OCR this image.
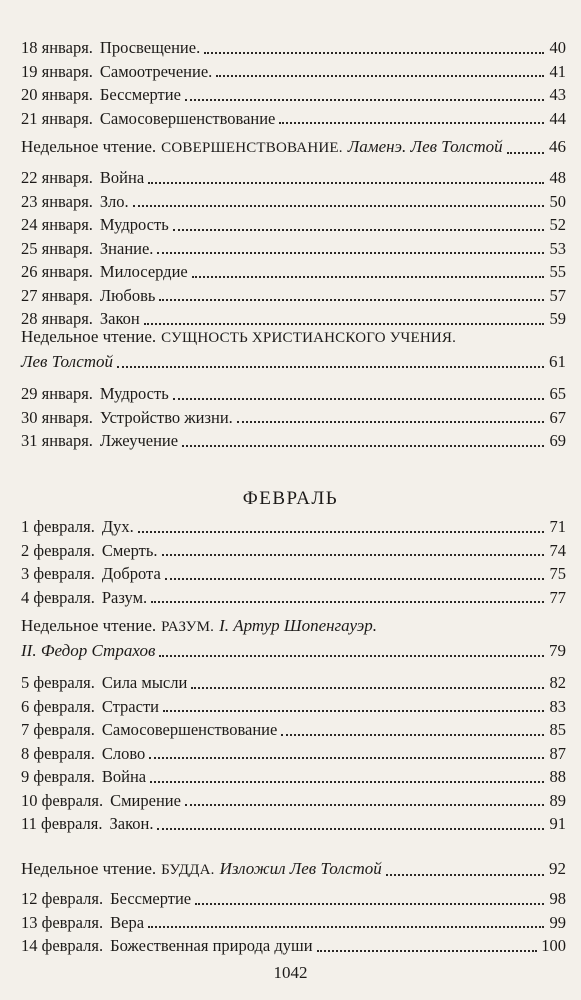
18 января. Просвещение.	40
19 января. Самоотречение.	41
20 января. Бессмертие	43
21 января. Самосовершенствование	44
Недельное чтение. СОВЕРШЕНСТВОВАНИЕ. Ламенэ. Лев Толстой	46
22 января. Война	48
23 января. Зло.	50
24 января. Мудрость	52
25 января. Знание.	53
26 января. Милосердие	55
27 января. Любовь	57
28 января. Закон	59
Недельное чтение. СУЩНОСТЬ ХРИСТИАНСКОГО УЧЕНИЯ.
Лев Толстой	61
29 января. Мудрость	65
30 января. Устройство жизни.	67
31 января. Лжеучение	69
ФЕВРАЛЬ
1 февраля. Дух.	71
2 февраля. Смерть.	74
3 февраля. Доброта	75
4 февраля. Разум.	77
Недельное чтение. РАЗУМ. I. Артур Шопенгауэр.
II. Федор Страхов	79
5 февраля. Сила мысли	82
6 февраля. Страсти	83
7 февраля. Самосовершенствование	85
8 февраля. Слово	87
9 февраля. Война	88
10 февраля. Смирение	89
11 февраля. Закон.	91
Недельное чтение. БУДДА. Изложил Лев Толстой	92
12 февраля. Бессмертие	98
13 февраля. Вера	99
14 февраля. Божественная природа души	100
1042
